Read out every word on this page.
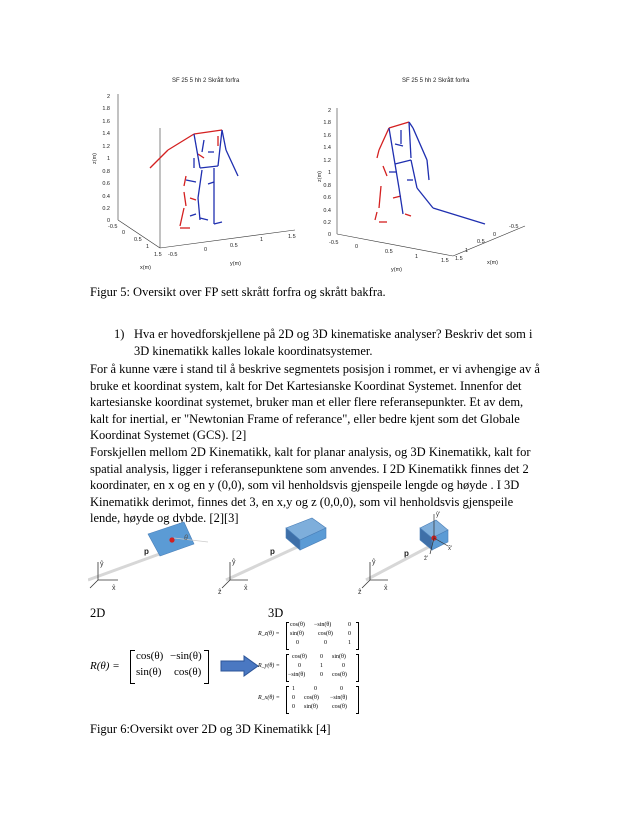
SF 25 5 hh 2 Skrått forfra
2
1.8
1.6
1.4
1.2
1
0.8
0.6
0.4
0.2
0
z(m)
-0.5
0
0.5
1
1.5
x(m)
-0.5
0
0.5
1	1.5
y(m)
SF 25 5 hh 2 Skrått forfra
2
1.8
1.6
1.4
1.2
1
0.8
0.6
0.4
0.2
0
z(m)
-0.5
0
0.5
1
1.5
y(m)
1.5
1
0.5
0
-0.5
x(m)
Figur 5: Oversikt over FP sett skrått forfra og skrått bakfra.
1) Hva er hovedforskjellene på 2D og 3D kinematiske analyser? Beskriv det som i
3D kinematikk kalles lokale koordinatsystemer.
For å kunne være i stand til å beskrive segmentets posisjon i rommet, er vi avhengige av å
bruke et koordinat system, kalt for Det Kartesianske Koordinat Systemet. Innenfor det
kartesianske koordinat systemet, bruker man et eller flere referansepunkter. Et av dem,
kalt for inertial, er "Newtonian Frame of referance", eller bedre kjent som det Globale
Koordinat Systemet (GCS). [2]
Forskjellen mellom 2D Kinematikk, kalt for planar analysis, og 3D Kinematikk, kalt for
spatial analysis, ligger i referansepunktene som anvendes. I 2D Kinematikk finnes det 2
koordinater, en x og en y (0,0), som vil henholdsvis gjenspeile lengde og høyde . I 3D
Kinematikk derimot, finnes det 3, en x,y og z (0,0,0), som vil henholdsvis gjenspeile
lende, høyde og dybde. [2][3]
θ
p
ŷ
x̂
p
ŷ
x̂
ẑ
ŷ'
x̂'
ẑ'
p
ŷ
x̂
ẑ
2D	3D
R(θ) =
cos(θ) −sin(θ)
sin(θ) cos(θ)
R_z(θ) =
cos(θ) −sin(θ)	0
sin(θ) cos(θ)	0
0	0	1
R_y(θ) =
cos(θ) 0 sin(θ)
0	1	0
−sin(θ) 0 cos(θ)
R_x(θ) =
1	0	0
0 cos(θ) −sin(θ)
0 sin(θ) cos(θ)
Figur 6:Oversikt over 2D og 3D Kinematikk [4]
